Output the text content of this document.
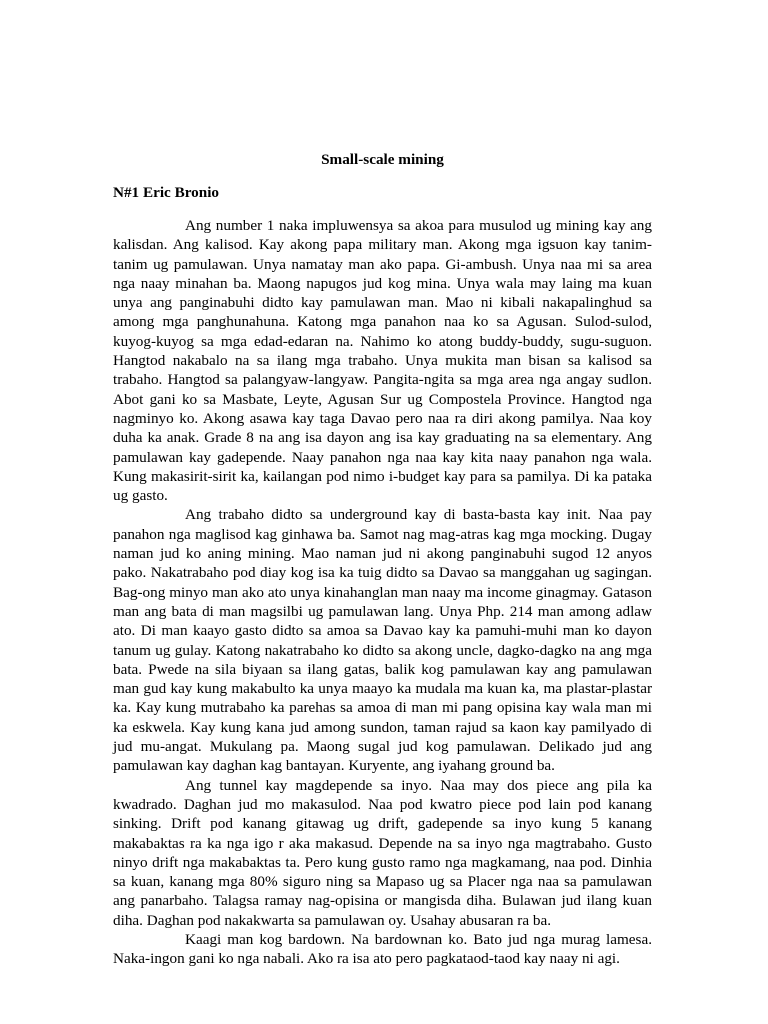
Small-scale mining
N#1 Eric Bronio

Ang number 1 naka impluwensya sa akoa para musulod ug mining kay ang kalisdan. Ang kalisod. Kay akong papa military man. Akong mga igsuon kay tanim-tanim ug pamulawan. Unya namatay man ako papa. Gi-ambush. Unya naa mi sa area nga naay minahan ba. Maong napugos jud kog mina. Unya wala may laing ma kuan unya ang panginabuhi didto kay pamulawan man. Mao ni kibali nakapalinghud sa among mga panghunahuna. Katong mga panahon naa ko sa Agusan. Sulod-sulod, kuyog-kuyog sa mga edad-edaran na. Nahimo ko atong buddy-buddy, sugu-suguon. Hangtod nakabalo na sa ilang mga trabaho. Unya mukita man bisan sa kalisod sa trabaho. Hangtod sa palangyaw-langyaw. Pangita-ngita sa mga area nga angay sudlon. Abot gani ko sa Masbate, Leyte, Agusan Sur ug Compostela Province. Hangtod nga nagminyo ko. Akong asawa kay taga Davao pero naa ra diri akong pamilya. Naa koy duha ka anak. Grade 8 na ang isa dayon ang isa kay graduating na sa elementary. Ang pamulawan kay gadepende. Naay panahon nga naa kay kita naay panahon nga wala. Kung makasirit-sirit ka, kailangan pod nimo i-budget kay para sa pamilya. Di ka pataka ug gasto.

Ang trabaho didto sa underground kay di basta-basta kay init. Naa pay panahon nga maglisod kag ginhawa ba. Samot nag mag-atras kag mga mocking. Dugay naman jud ko aning mining. Mao naman jud ni akong panginabuhi sugod 12 anyos pako. Nakatrabaho pod diay kog isa ka tuig didto sa Davao sa manggahan ug sagingan. Bag-ong minyo man ako ato unya kinahanglan man naay ma income ginagmay. Gatason man ang bata di man magsilbi ug pamulawan lang. Unya Php. 214 man among adlaw ato. Di man kaayo gasto didto sa amoa sa Davao kay ka pamuhi-muhi man ko dayon tanum ug gulay. Katong nakatrabaho ko didto sa akong uncle, dagko-dagko na ang mga bata. Pwede na sila biyaan sa ilang gatas, balik kog pamulawan kay ang pamulawan man gud kay kung makabulto ka unya maayo ka mudala ma kuan ka, ma plastar-plastar ka. Kay kung mutrabaho ka parehas sa amoa di man mi pang opisina kay wala man mi ka eskwela. Kay kung kana jud among sundon, taman rajud sa kaon kay pamilyado di jud mu-angat. Mukulang pa. Maong sugal jud kog pamulawan. Delikado jud ang pamulawan kay daghan kag bantayan. Kuryente, ang iyahang ground ba.

Ang tunnel kay magdepende sa inyo. Naa may dos piece ang pila ka kwadrado. Daghan jud mo makasulod. Naa pod kwatro piece pod lain pod kanang sinking. Drift pod kanang gitawag ug drift, gadepende sa inyo kung 5 kanang makabaktas ra ka nga igo r aka makasud. Depende na sa inyo nga magtrabaho. Gusto ninyo drift nga makabaktas ta. Pero kung gusto ramo nga magkamang, naa pod. Dinhia sa kuan, kanang mga 80% siguro ning sa Mapaso ug sa Placer nga naa sa pamulawan ang panarbaho. Talagsa ramay nag-opisina or mangisda diha. Bulawan jud ilang kuan diha. Daghan pod nakakwarta sa pamulawan oy. Usahay abusaran ra ba.

Kaagi man kog bardown. Na bardownan ko. Bato jud nga murag lamesa. Naka-ingon gani ko nga nabali. Ako ra isa ato pero pagkataod-taod kay naay ni agi.
